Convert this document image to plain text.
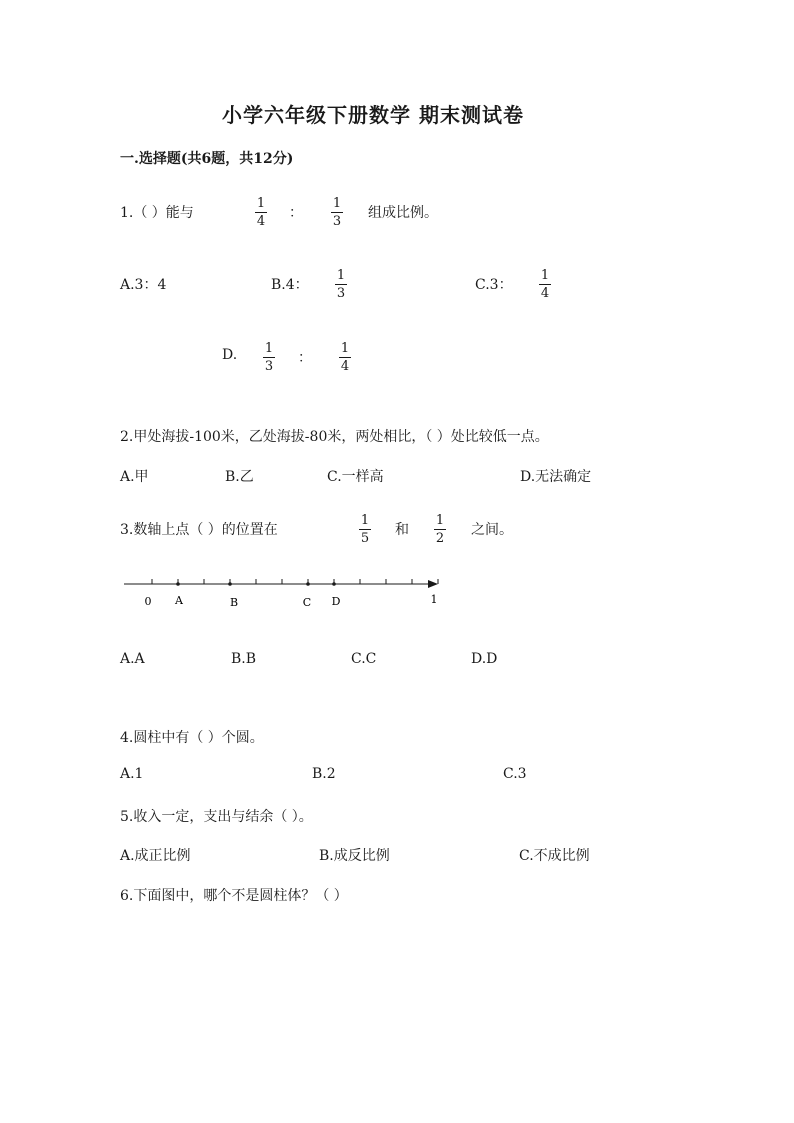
小学六年级下册数学 期末测试卷
一.选择题(共6题，共12分)
1.（ ）能与
1
4
：
1
3
组成比例。
A.3：4	B.4：
1
3
C.3：
1
4
D. 1
3
：
1
4
2.甲处海拔-100米，乙处海拔-80米，两处相比，（ ）处比较低一点。
A.甲	B.乙	C.一样高	D.无法确定
3.数轴上点（ ）的位置在
1
5
和
1
2
之间。
0 A	B	C D	1
A.A	B.B	C.C	D.D
4.圆柱中有（ ）个圆。
A.1	B.2	C.3
5.收入一定，支出与结余（ ）。
A.成正比例	B.成反比例	C.不成比例
6.下面图中，哪个不是圆柱体？（ ）
